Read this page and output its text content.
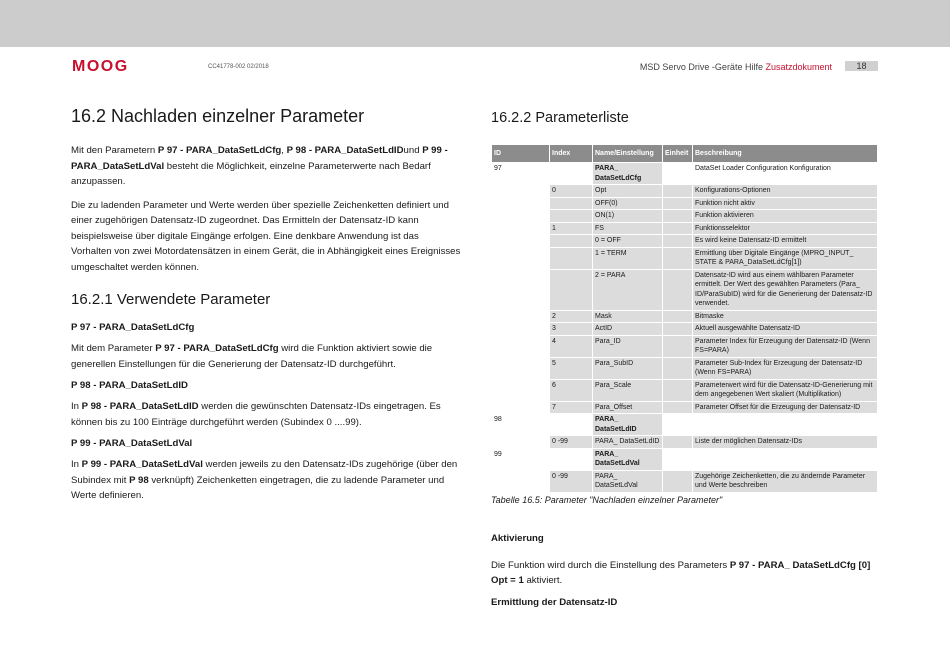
MOOG	CC41778-002 02/2018	MSD Servo Drive -Geräte Hilfe Zusatzdokument	18
16.2 Nachladen einzelner Parameter

Mit den Parametern P 97 - PARA_DataSetLdCfg, P 98 - PARA_DataSetLdIDund P 99 - PARA_DataSetLdVal besteht die Möglichkeit, einzelne Parameterwerte nach Bedarf anzupassen.

Die zu ladenden Parameter und Werte werden über spezielle Zeichenketten definiert und einer zugehörigen Datensatz-ID zugeordnet. Das Ermitteln der Datensatz-ID kann beispielsweise über digitale Eingänge erfolgen. Eine denkbare Anwendung ist das Vorhalten von zwei Motordatensätzen in einem Gerät, die in Abhängigkeit eines Ereignisses umgeschaltet werden können.

16.2.1 Verwendete Parameter
P 97 - PARA_DataSetLdCfg

Mit dem Parameter P 97 - PARA_DataSetLdCfg wird die Funktion aktiviert sowie die generellen Einstellungen für die Generierung der Datensatz-ID durchgeführt.

P 98 - PARA_DataSetLdID

In P 98 - PARA_DataSetLdID werden die gewünschten Datensatz-IDs eingetragen. Es können bis zu 100 Einträge durchgeführt werden (Subindex 0 ....99).

P 99 - PARA_DataSetLdVal

In P 99 - PARA_DataSetLdVal werden jeweils zu den Datensatz-IDs zugehörige (über den Subindex mit P 98 verknüpft) Zeichenketten eingetragen, die zu ladende Parameter und Werte definieren.

16.2.2 Parameterliste
ID	Index	Name/Einstellung	Einheit	Beschreibung
97		PARA_ DataSetLdCfg		DataSet Loader Configuration Konfiguration
	0	Opt		Konfigurations-Optionen
		OFF(0)		Funktion nicht aktiv
		ON(1)		Funktion aktivieren
	1	FS		Funktionsselektor
		0 = OFF		Es wird keine Datensatz-ID ermittelt
		1 = TERM		Ermittlung über Digitale Eingänge (MPRO_INPUT_ STATE & PARA_DataSetLdCfg[1])
		2 = PARA		Datensatz-ID wird aus einem wählbaren Parameter ermittelt. Der Wert des gewählten Parameters (Para_ ID/ParaSubID) wird für die Generierung der Datensatz-ID verwendet.
	2	Mask		Bitmaske
	3	ActID		Aktuell ausgewählte Datensatz-ID
	4	Para_ID		Parameter Index für Erzeugung der Datensatz-ID (Wenn FS=PARA)
	5	Para_SubID		Parameter Sub-Index für Erzeugung der Datensatz-ID (Wenn FS=PARA)
	6	Para_Scale		Parameterwert wird für die Datensatz-ID-Generierung mit dem angegebenen Wert skaliert (Multiplikation)
	7	Para_Offset		Parameter Offset für die Erzeugung der Datensatz-ID
98		PARA_ DataSetLdID		
	0 -99	PARA_ DataSetLdID		Liste der möglichen Datensatz-IDs
99		PARA_ DataSetLdVal		
	0 -99	PARA_ DataSetLdVal		Zugehörige Zeichenketten, die zu ändernde Parameter und Werte beschreiben
Tabelle 16.5: Parameter "Nachladen einzelner Parameter"
Aktivierung

Die Funktion wird durch die Einstellung des Parameters P 97 - PARA_ DataSetLdCfg [0] Opt = 1 aktiviert.

Ermittlung der Datensatz-ID
